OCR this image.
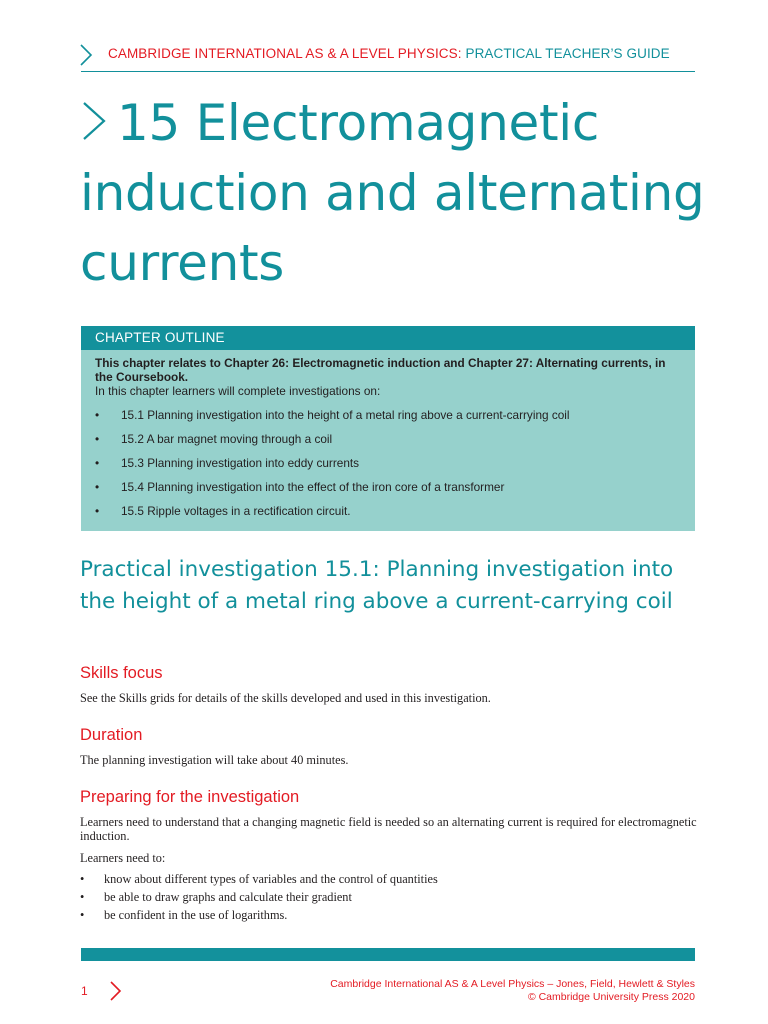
CAMBRIDGE INTERNATIONAL AS & A LEVEL PHYSICS: PRACTICAL TEACHER’S GUIDE
15 Electromagnetic induction and alternating currents
CHAPTER OUTLINE
This chapter relates to Chapter 26: Electromagnetic induction and Chapter 27: Alternating currents, in the Coursebook.
In this chapter learners will complete investigations on:
• 15.1 Planning investigation into the height of a metal ring above a current-carrying coil
• 15.2 A bar magnet moving through a coil
• 15.3 Planning investigation into eddy currents
• 15.4 Planning investigation into the effect of the iron core of a transformer
• 15.5 Ripple voltages in a rectification circuit.
Practical investigation 15.1: Planning investigation into the height of a metal ring above a current-carrying coil
Skills focus

See the Skills grids for details of the skills developed and used in this investigation.

Duration

The planning investigation will take about 40 minutes.

Preparing for the investigation

Learners need to understand that a changing magnetic field is needed so an alternating current is required for electromagnetic induction.

Learners need to:

• know about different types of variables and the control of quantities
• be able to draw graphs and calculate their gradient
• be confident in the use of logarithms.
1	Cambridge International AS & A Level Physics – Jones, Field, Hewlett & Styles
© Cambridge University Press 2020
